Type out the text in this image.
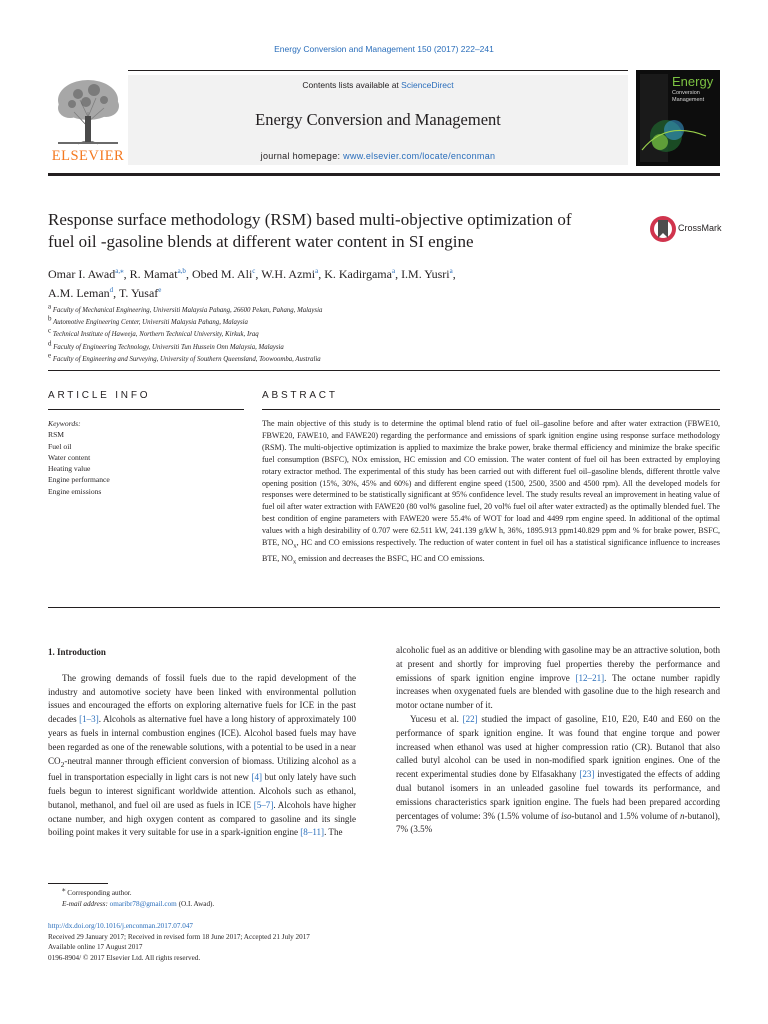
Energy Conversion and Management 150 (2017) 222–241
Contents lists available at ScienceDirect
Energy Conversion and Management
journal homepage: www.elsevier.com/locate/enconman
ELSEVIER
Energy
Conversion
Management
Response surface methodology (RSM) based multi-objective optimization of
fuel oil -gasoline blends at different water content in SI engine
CrossMark
Omar I. Awad$^{a,⁎}$, R. Mamat$^{a,b}$, Obed M. Ali$^c$, W.H. Azmi$^a$, K. Kadirgama$^a$, I.M. Yusri$^a$,
A.M. Leman$^d$, T. Yusaf$^e$
$^a$ Faculty of Mechanical Engineering, Universiti Malaysia Pahang, 26600 Pekan, Pahang, Malaysia
$^b$ Automotive Engineering Center, Universiti Malaysia Pahang, Malaysia
$^c$ Technical Institute of Haweeja, Northern Technical University, Kirkuk, Iraq
$^d$ Faculty of Engineering Technology, Universiti Tun Hussein Onn Malaysia, Malaysia
$^e$ Faculty of Engineering and Surveying, University of Southern Queensland, Toowoomba, Australia
ARTICLE INFO	ABSTRACT
Keywords:
RSM
Fuel oil
Water content
Heating value
Engine performance
Engine emissions
The main objective of this study is to determine the optimal blend ratio of fuel oil–gasoline before and after water extraction (FBWE10, FBWE20, FAWE10, and FAWE20) regarding the performance and emissions of spark ignition engine using response surface methodology (RSM). The multi-objective optimization is applied to maximize the brake power, brake thermal efficiency and minimize the brake specific fuel consumption (BSFC), NOx emission, HC emission and CO emission. The water content of fuel oil has been extracted by employing rotary extractor method. The experimental of this study has been carried out with different fuel oil–gasoline blends, different throttle valve opening position (15%, 30%, 45% and 60%) and different engine speed (1500, 2500, 3500 and 4500 rpm). All the developed models for responses were determined to be statistically significant at 95% confidence level. The study results reveal an improvement in heating value of fuel oil after water extraction with FAWE20 (80 vol% gasoline fuel, 20 vol% fuel oil after water extracted) as the optimally blended fuel. The best condition of engine parameters with FAWE20 were 55.4% of WOT for load and 4499 rpm engine speed. In additional of the optimal values with a high desirability of 0.707 were 62.511 kW, 241.139 g/kW h, 36%, 1895.913 ppm140.829 ppm and % for brake power, BSFC, BTE, $NO_x$, HC and CO emissions respectively. The reduction of water content in fuel oil has a statistical significance influence to increases BTE, $NO_x$ emission and decreases the BSFC, HC and CO emissions.
1. Introduction

The growing demands of fossil fuels due to the rapid development of the industry and automotive society have been linked with environmental pollution issues and encouraged the efforts on exploring alternative fuels for ICE in the past decades [1–3]. Alcohols as alternative fuel have a long history of approximately 100 years as fuels in internal combustion engines (ICE). Alcohol based fuels may have been regarded as one of the renewable solutions, with a potential to be used in a near $CO_2$-neutral manner through efficient conversion of biomass. Utilizing alcohol as a fuel in transportation especially in light cars is not new [4] but only lately have such fuels begun to interest significant worldwide attention. Alcohols such as ethanol, butanol, methanol, and fuel oil are used as fuels in ICE [5–7]. Alcohols have higher octane number, and high oxygen content as compared to gasoline and its single boiling point makes it very suitable for use in a spark-ignition engine [8–11]. The

alcoholic fuel as an additive or blending with gasoline may be an attractive solution, both at present and shortly for improving fuel properties thereby the performance and emissions of spark ignition engine improve [12–21]. The octane number rapidly increases when oxygenated fuels are blended with gasoline due to the high research and motor octane number of it.

Yucesu et al. [22] studied the impact of gasoline, E10, E20, E40 and E60 on the performance of spark ignition engine. It was found that engine torque and power increased when ethanol was used at higher compression ratio (CR). Butanol that also called butyl alcohol can be used in non-modified spark ignition engines. One of the recent experimental studies done by Elfasakhany [23] investigated the effects of adding dual butanol isomers in an unleaded gasoline fuel towards its performance, and emissions characteristics spark ignition engine. The fuels had been prepared according percentages of volume: 3% (1.5% volume of iso-butanol and 1.5% volume of n-butanol), 7% (3.5%

⁎ Corresponding author.
E-mail address: omaribr78@gmail.com (O.I. Awad).
http://dx.doi.org/10.1016/j.enconman.2017.07.047
Received 29 January 2017; Received in revised form 18 June 2017; Accepted 21 July 2017
Available online 17 August 2017
0196-8904/ © 2017 Elsevier Ltd. All rights reserved.
